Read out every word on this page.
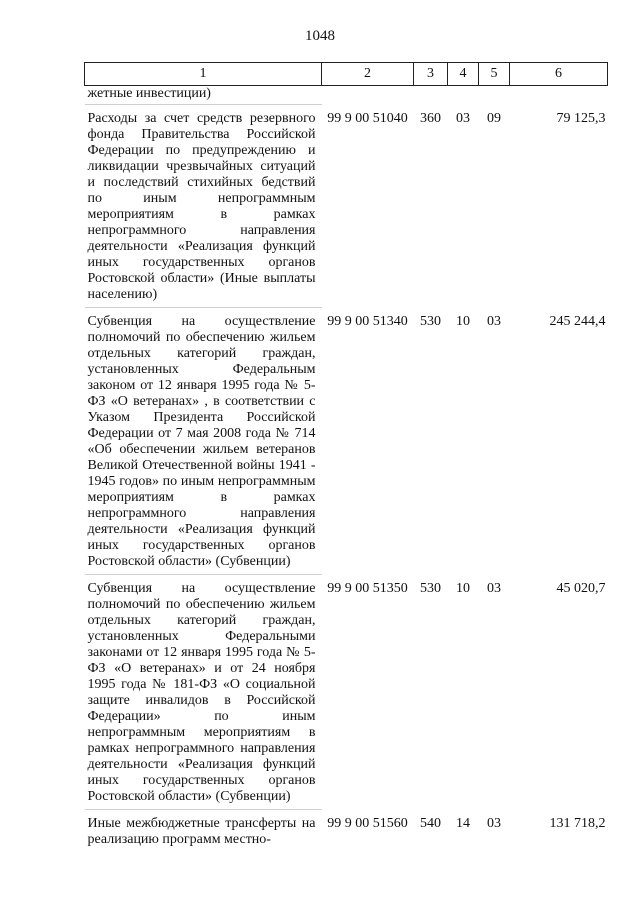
1048
1	2	3	4	5	6
жетные инвестиции)					
Расходы за счет средств резервного фонда Правительства Российской Федерации по предупреждению и ликвидации чрезвычайных ситуаций и последствий стихийных бедствий по иным непрограммным мероприятиям в рамках непрограммного направления деятельности «Реализация функций иных государственных органов Ростовской области» (Иные выплаты населению)	99 9 00 51040	360	03	09	79 125,3
Субвенция на осуществление полномочий по обеспечению жильем отдельных категорий граждан, установленных Федеральным законом от 12 января 1995 года № 5-ФЗ «О ветеранах» , в соответствии с Указом Президента Российской Федерации от 7 мая 2008 года № 714 «Об обеспечении жильем ветеранов Великой Отечественной войны 1941 - 1945 годов» по иным непрограммным мероприятиям в рамках непрограммного направления деятельности «Реализация функций иных государственных органов Ростовской области» (Субвенции)	99 9 00 51340	530	10	03	245 244,4
Субвенция на осуществление полномочий по обеспечению жильем отдельных категорий граждан, установленных Федеральными законами от 12 января 1995 года № 5-ФЗ «О ветеранах» и от 24 ноября 1995 года № 181-ФЗ «О социальной защите инвалидов в Российской Федерации» по иным непрограммным мероприятиям в рамках непрограммного направления деятельности «Реализация функций иных государственных органов Ростовской области» (Субвенции)	99 9 00 51350	530	10	03	45 020,7
Иные межбюджетные трансферты на реализацию программ местно-	99 9 00 51560	540	14	03	131 718,2
